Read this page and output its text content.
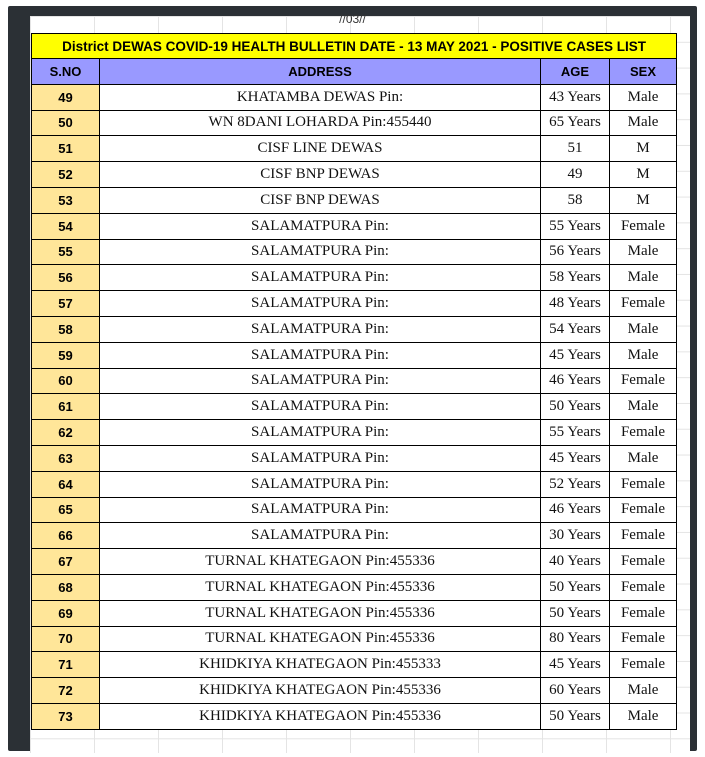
//03//
District DEWAS COVID-19 HEALTH BULLETIN DATE - 13 MAY 2021 - POSITIVE CASES LIST			
S.NO	ADDRESS	AGE	SEX
49	KHATAMBA DEWAS Pin:	43 Years	Male
50	WN 8DANI LOHARDA Pin:455440	65 Years	Male
51	CISF LINE DEWAS	51	M
52	CISF BNP DEWAS	49	M
53	CISF BNP DEWAS	58	M
54	SALAMATPURA Pin:	55 Years	Female
55	SALAMATPURA Pin:	56 Years	Male
56	SALAMATPURA Pin:	58 Years	Male
57	SALAMATPURA Pin:	48 Years	Female
58	SALAMATPURA Pin:	54 Years	Male
59	SALAMATPURA Pin:	45 Years	Male
60	SALAMATPURA Pin:	46 Years	Female
61	SALAMATPURA Pin:	50 Years	Male
62	SALAMATPURA Pin:	55 Years	Female
63	SALAMATPURA Pin:	45 Years	Male
64	SALAMATPURA Pin:	52 Years	Female
65	SALAMATPURA Pin:	46 Years	Female
66	SALAMATPURA Pin:	30 Years	Female
67	TURNAL KHATEGAON Pin:455336	40 Years	Female
68	TURNAL KHATEGAON Pin:455336	50 Years	Female
69	TURNAL KHATEGAON Pin:455336	50 Years	Female
70	TURNAL KHATEGAON Pin:455336	80 Years	Female
71	KHIDKIYA KHATEGAON Pin:455333	45 Years	Female
72	KHIDKIYA KHATEGAON Pin:455336	60 Years	Male
73	KHIDKIYA KHATEGAON Pin:455336	50 Years	Male
